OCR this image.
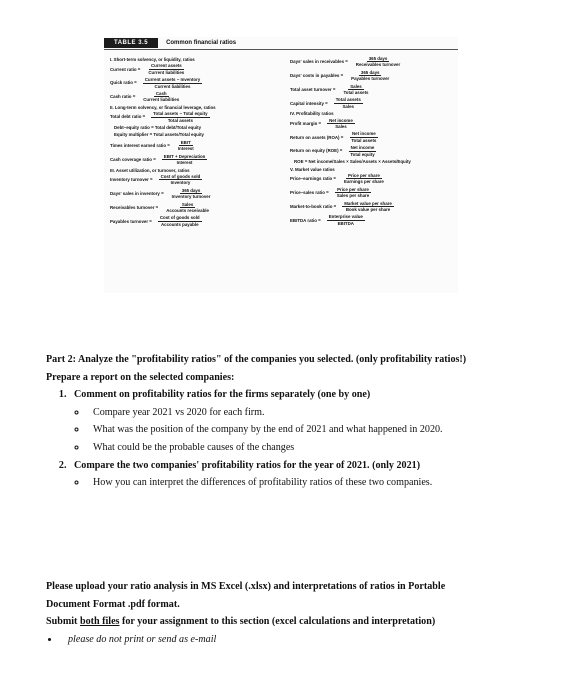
TABLE 3.5	Common financial ratios
I. Short-term solvency, or liquidity, ratios
Current ratio = $\frac{\text{Current assets}}{\text{Current liabilities}}$
Quick ratio = $\frac{\text{Current assets − Inventory}}{\text{Current liabilities}}$
Cash ratio = $\frac{\text{Cash}}{\text{Current liabilities}}$
II. Long-term solvency, or financial leverage, ratios
Total debt ratio = $\frac{\text{Total assets − Total equity}}{\text{Total assets}}$
Debt–equity ratio = Total debt/Total equity
Equity multiplier = Total assets/Total equity
Times interest earned ratio = $\frac{\text{EBIT}}{\text{Interest}}$
Cash coverage ratio = $\frac{\text{EBIT + Depreciation}}{\text{Interest}}$
III. Asset utilization, or turnover, ratios
Inventory turnover = $\frac{\text{Cost of goods sold}}{\text{Inventory}}$
Days' sales in inventory = $\frac{\text{365 days}}{\text{Inventory turnover}}$
Receivables turnover = $\frac{\text{Sales}}{\text{Accounts receivable}}$
Payables turnover = $\frac{\text{Cost of goods sold}}{\text{Accounts payable}}$
Days' sales in receivables = $\frac{\text{365 days}}{\text{Receivables turnover}}$
Days' costs in payables = $\frac{\text{365 days}}{\text{Payables turnover}}$
Total asset turnover = $\frac{\text{Sales}}{\text{Total assets}}$
Capital intensity = $\frac{\text{Total assets}}{\text{Sales}}$
IV. Profitability ratios
Profit margin = $\frac{\text{Net income}}{\text{Sales}}$
Return on assets $(ROA) = \frac{\text{Net income}}{\text{Total assets}}$
Return on equity $(ROE) = \frac{\text{Net income}}{\text{Total equity}}$
ROE = Net income/Sales × Sales/Assets × Assets/Equity
V. Market value ratios
Price–earnings ratio = $\frac{\text{Price per share}}{\text{Earnings per share}}$
Price–sales ratio = $\frac{\text{Price per share}}{\text{Sales per share}}$
Market-to-book ratio = $\frac{\text{Market value per share}}{\text{Book value per share}}$
EBITDA ratio = $\frac{\text{Enterprise value}}{\text{EBITDA}}$
Part 2: Analyze the "profitability ratios" of the companies you selected. (only profitability ratios!)
Prepare a report on the selected companies:
1. Comment on profitability ratios for the firms separately (one by one)
◦ Compare year 2021 vs 2020 for each firm.
◦ What was the position of the company by the end of 2021 and what happened in 2020.
◦ What could be the probable causes of the changes
2. Compare the two companies' profitability ratios for the year of 2021. (only 2021)
◦ How you can interpret the differences of profitability ratios of these two companies.
Please upload your ratio analysis in MS Excel (.xlsx) and interpretations of ratios in Portable
Document Format .pdf format.
Submit both files for your assignment to this section (excel calculations and interpretation)
• please do not print or send as e-mail
